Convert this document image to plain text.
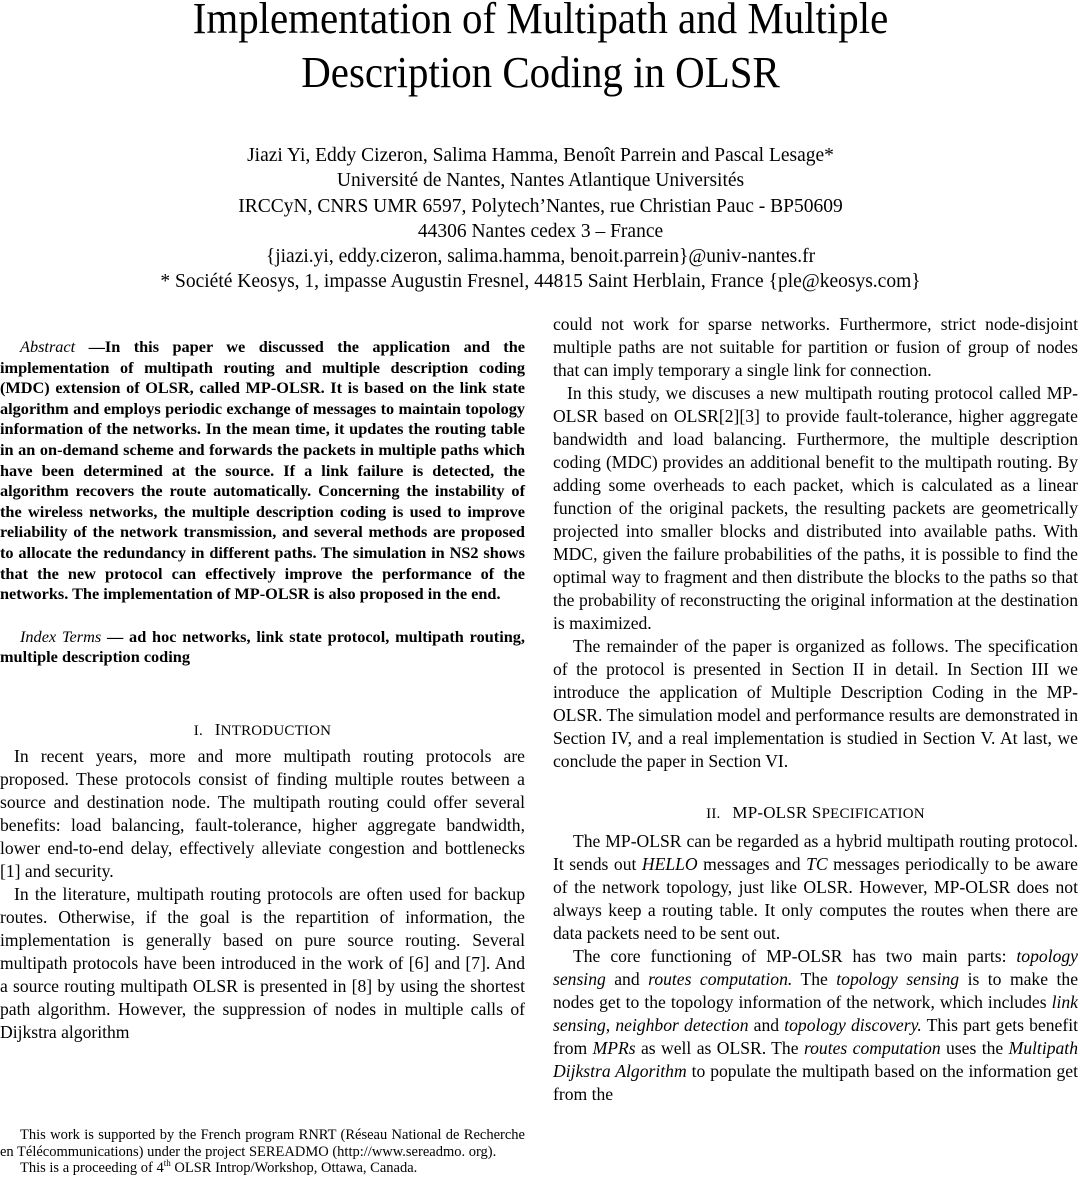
Implementation of Multipath and Multiple
Description Coding in OLSR
Jiazi Yi, Eddy Cizeron, Salima Hamma, Benoît Parrein and Pascal Lesage*
Université de Nantes, Nantes Atlantique Universités
IRCCyN, CNRS UMR 6597, Polytech’Nantes, rue Christian Pauc - BP50609
44306 Nantes cedex 3 – France
{jiazi.yi, eddy.cizeron, salima.hamma, benoit.parrein}@univ-nantes.fr
* Société Keosys, 1, impasse Augustin Fresnel, 44815 Saint Herblain, France {ple@keosys.com}

Abstract —In this paper we discussed the application and the implementation of multipath routing and multiple description coding (MDC) extension of OLSR, called MP-OLSR. It is based on the link state algorithm and employs periodic exchange of messages to maintain topology information of the networks. In the mean time, it updates the routing table in an on-demand scheme and forwards the packets in multiple paths which have been determined at the source. If a link failure is detected, the algorithm recovers the route automatically. Concerning the instability of the wireless networks, the multiple description coding is used to improve reliability of the network transmission, and several methods are proposed to allocate the redundancy in different paths. The simulation in NS2 shows that the new protocol can effectively improve the performance of the networks. The implementation of MP-OLSR is also proposed in the end.

Index Terms — ad hoc networks, link state protocol, multipath routing, multiple description coding

I. INTRODUCTION

In recent years, more and more multipath routing protocols are proposed. These protocols consist of finding multiple routes between a source and destination node. The multipath routing could offer several benefits: load balancing, fault-tolerance, higher aggregate bandwidth, lower end-to-end delay, effectively alleviate congestion and bottlenecks [1] and security.

In the literature, multipath routing protocols are often used for backup routes. Otherwise, if the goal is the repartition of information, the implementation is generally based on pure source routing. Several multipath protocols have been introduced in the work of [6] and [7]. And a source routing multipath OLSR is presented in [8] by using the shortest path algorithm. However, the suppression of nodes in multiple calls of Dijkstra algorithm

This work is supported by the French program RNRT (Réseau National de Recherche en Télécommunications) under the project SEREADMO (http://www.sereadmo. org).

This is a proceeding of 4th OLSR Introp/Workshop, Ottawa, Canada.

could not work for sparse networks. Furthermore, strict node-disjoint multiple paths are not suitable for partition or fusion of group of nodes that can imply temporary a single link for connection.

In this study, we discuses a new multipath routing protocol called MP-OLSR based on OLSR[2][3] to provide fault-tolerance, higher aggregate bandwidth and load balancing. Furthermore, the multiple description coding (MDC) provides an additional benefit to the multipath routing. By adding some overheads to each packet, which is calculated as a linear function of the original packets, the resulting packets are geometrically projected into smaller blocks and distributed into available paths. With MDC, given the failure probabilities of the paths, it is possible to find the optimal way to fragment and then distribute the blocks to the paths so that the probability of reconstructing the original information at the destination is maximized.

The remainder of the paper is organized as follows. The specification of the protocol is presented in Section II in detail. In Section III we introduce the application of Multiple Description Coding in the MP-OLSR. The simulation model and performance results are demonstrated in Section IV, and a real implementation is studied in Section V. At last, we conclude the paper in Section VI.

II. MP-OLSR SPECIFICATION

The MP-OLSR can be regarded as a hybrid multipath routing protocol. It sends out HELLO messages and TC messages periodically to be aware of the network topology, just like OLSR. However, MP-OLSR does not always keep a routing table. It only computes the routes when there are data packets need to be sent out.

The core functioning of MP-OLSR has two main parts: topology sensing and routes computation. The topology sensing is to make the nodes get to the topology information of the network, which includes link sensing, neighbor detection and topology discovery. This part gets benefit from MPRs as well as OLSR. The routes computation uses the Multipath Dijkstra Algorithm to populate the multipath based on the information get from the
